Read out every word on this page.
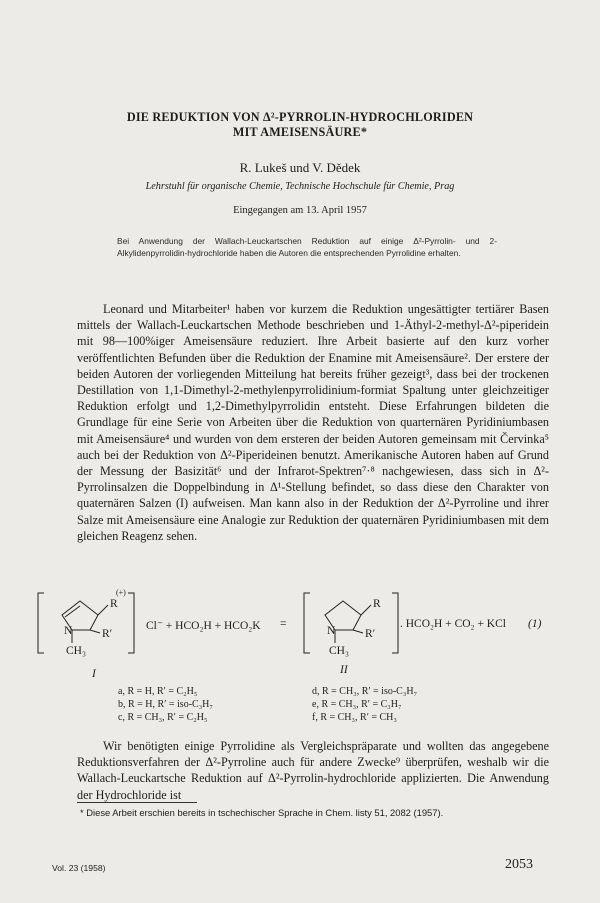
DIE REDUKTION VON Δ²-PYRROLIN-HYDROCHLORIDEN
MIT AMEISENSÄURE*
R. Lukeš und V. Dědek
Lehrstuhl für organische Chemie, Technische Hochschule für Chemie, Prag
Eingegangen am 13. April 1957
Bei Anwendung der Wallach-Leuckartschen Reduktion auf einige Δ²-Pyrrolin- und 2-Alkylidenpyrrolidin-hydrochloride haben die Autoren die entsprechenden Pyrrolidine erhalten.

Leonard und Mitarbeiter¹ haben vor kurzem die Reduktion ungesättigter tertiärer Basen mittels der Wallach-Leuckartschen Methode beschrieben und 1-Äthyl-2-methyl-Δ²-piperidein mit 98—100%iger Ameisensäure reduziert. Ihre Arbeit basierte auf den kurz vorher veröffentlichten Befunden über die Reduktion der Enamine mit Ameisensäure². Der erstere der beiden Autoren der vorliegenden Mitteilung hat bereits früher gezeigt³, dass bei der trockenen Destillation von 1,1-Dimethyl-2-methylenpyrrolidinium-formiat Spaltung unter gleichzeitiger Reduktion erfolgt und 1,2-Dimethylpyrrolidin entsteht. Diese Erfahrungen bildeten die Grundlage für eine Serie von Arbeiten über die Reduktion von quarternären Pyridiniumbasen mit Ameisensäure⁴ und wurden von dem ersteren der beiden Autoren gemeinsam mit Červinka⁵ auch bei der Reduktion von Δ²-Piperideinen benutzt. Amerikanische Autoren haben auf Grund der Messung der Basizität⁶ und der Infrarot-Spektren⁷·⁸ nachgewiesen, dass sich in Δ²-Pyrrolinsalzen die Doppelbindung in Δ¹-Stellung befindet, so dass diese den Charakter von quaternären Salzen (I) aufweisen. Man kann also in der Reduktion der Δ²-Pyrroline und ihrer Salze mit Ameisensäure eine Analogie zur Reduktion der quaternären Pyridiniumbasen mit dem gleichen Reagenz sehen.

(+)
R
N	R′
CH₃
Cl⁻ + HCO₂H + HCO₂K =
R
N	R′
CH₃
. HCO₂H + CO₂ + KCl (1)
I	II
a, R = H, R′ = C₂H₅
b, R = H, R′ = iso-C₃H₇
c, R = CH₃, R′ = C₂H₅
d, R = CH₃, R′ = iso-C₃H₇
e, R = CH₃, R′ = C₃H₇
f, R = CH₃, R′ = CH₃

Wir benötigten einige Pyrrolidine als Vergleichspräparate und wollten das angegebene Reduktionsverfahren der Δ²-Pyrroline auch für andere Zwecke⁹ überprüfen, weshalb wir die Wallach-Leuckartsche Reduktion auf Δ²-Pyrrolin-hydrochloride applizierten. Die Anwendung der Hydrochloride ist

* Diese Arbeit erschien bereits in tschechischer Sprache in Chem. listy 51, 2082 (1957).
Vol. 23 (1958)	2053
